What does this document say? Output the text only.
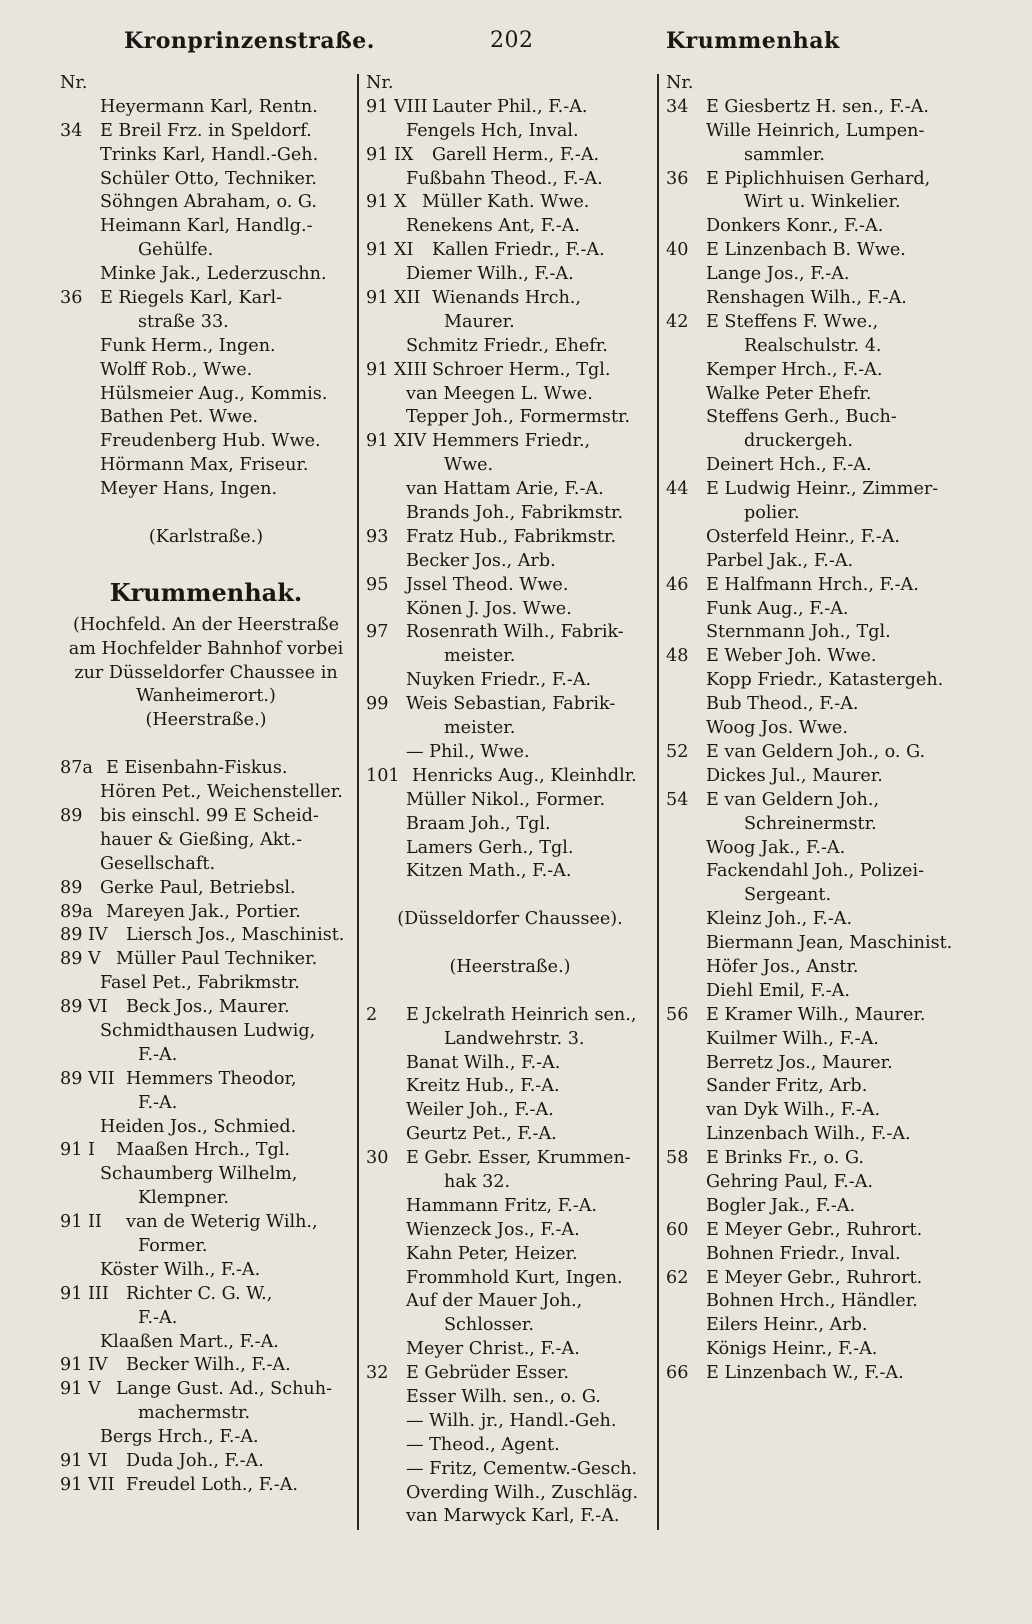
Kronprinzenstraße.	202	Krummenhak
Nr.
Heyermann Karl, Rentn.
34 E Breil Frz. in Speldorf.
Trinks Karl, Handl.-Geh.
Schüler Otto, Techniker.
Söhngen Abraham, o. G.
Heimann Karl, Handlg.-
Gehülfe.
Minke Jak., Lederzuschn.
36 E Riegels Karl, Karl-
straße 33.
Funk Herm., Ingen.
Wolff Rob., Wwe.
Hülsmeier Aug., Kommis.
Bathen Pet. Wwe.
Freudenberg Hub. Wwe.
Hörmann Max, Friseur.
Meyer Hans, Ingen.
(Karlstraße.)
Krummenhak.
(Hochfeld. An der Heerstraße
am Hochfelder Bahnhof vorbei
zur Düsseldorfer Chaussee in
Wanheimerort.)
(Heerstraße.)
87a E Eisenbahn-Fiskus.
Hören Pet., Weichensteller.
89 bis einschl. 99 E Scheid-
hauer & Gießing, Akt.-
Gesellschaft.
89 Gerke Paul, Betriebsl.
89a Mareyen Jak., Portier.
89 IV Liersch Jos., Maschinist.
89 V Müller Paul Techniker.
Fasel Pet., Fabrikmstr.
89 VI Beck Jos., Maurer.
Schmidthausen Ludwig,
F.-A.
89 VII Hemmers Theodor,
F.-A.
Heiden Jos., Schmied.
91 I Maaßen Hrch., Tgl.
Schaumberg Wilhelm,
Klempner.
91 II van de Weterig Wilh.,
Former.
Köster Wilh., F.-A.
91 III Richter C. G. W.,
F.-A.
Klaaßen Mart., F.-A.
91 IV Becker Wilh., F.-A.
91 V Lange Gust. Ad., Schuh-
machermstr.
Bergs Hrch., F.-A.
91 VI Duda Joh., F.-A.
91 VII Freudel Loth., F.-A.
Nr.
91 VIII Lauter Phil., F.-A.
Fengels Hch, Inval.
91 IX Garell Herm., F.-A.
Fußbahn Theod., F.-A.
91 X Müller Kath. Wwe.
Renekens Ant, F.-A.
91 XI Kallen Friedr., F.-A.
Diemer Wilh., F.-A.
91 XII Wienands Hrch.,
Maurer.
Schmitz Friedr., Ehefr.
91 XIII Schroer Herm., Tgl.
van Meegen L. Wwe.
Tepper Joh., Formermstr.
91 XIV Hemmers Friedr.,
Wwe.
van Hattam Arie, F.-A.
Brands Joh., Fabrikmstr.
93 Fratz Hub., Fabrikmstr.
Becker Jos., Arb.
95 Jssel Theod. Wwe.
Könen J. Jos. Wwe.
97 Rosenrath Wilh., Fabrik-
meister.
Nuyken Friedr., F.-A.
99 Weis Sebastian, Fabrik-
meister.
— Phil., Wwe.
101 Henricks Aug., Kleinhdlr.
Müller Nikol., Former.
Braam Joh., Tgl.
Lamers Gerh., Tgl.
Kitzen Math., F.-A.
(Düsseldorfer Chaussee).
(Heerstraße.)
2 E Jckelrath Heinrich sen.,
Landwehrstr. 3.
Banat Wilh., F.-A.
Kreitz Hub., F.-A.
Weiler Joh., F.-A.
Geurtz Pet., F.-A.
30 E Gebr. Esser, Krummen-
hak 32.
Hammann Fritz, F.-A.
Wienzeck Jos., F.-A.
Kahn Peter, Heizer.
Frommhold Kurt, Ingen.
Auf der Mauer Joh.,
Schlosser.
Meyer Christ., F.-A.
32 E Gebrüder Esser.
Esser Wilh. sen., o. G.
— Wilh. jr., Handl.-Geh.
— Theod., Agent.
— Fritz, Cementw.-Gesch.
Overding Wilh., Zuschläg.
van Marwyck Karl, F.-A.
Nr.
34 E Giesbertz H. sen., F.-A.
Wille Heinrich, Lumpen-
sammler.
36 E Piplichhuisen Gerhard,
Wirt u. Winkelier.
Donkers Konr., F.-A.
40 E Linzenbach B. Wwe.
Lange Jos., F.-A.
Renshagen Wilh., F.-A.
42 E Steffens F. Wwe.,
Realschulstr. 4.
Kemper Hrch., F.-A.
Walke Peter Ehefr.
Steffens Gerh., Buch-
druckergeh.
Deinert Hch., F.-A.
44 E Ludwig Heinr., Zimmer-
polier.
Osterfeld Heinr., F.-A.
Parbel Jak., F.-A.
46 E Halfmann Hrch., F.-A.
Funk Aug., F.-A.
Sternmann Joh., Tgl.
48 E Weber Joh. Wwe.
Kopp Friedr., Katastergeh.
Bub Theod., F.-A.
Woog Jos. Wwe.
52 E van Geldern Joh., o. G.
Dickes Jul., Maurer.
54 E van Geldern Joh.,
Schreinermstr.
Woog Jak., F.-A.
Fackendahl Joh., Polizei-
Sergeant.
Kleinz Joh., F.-A.
Biermann Jean, Maschinist.
Höfer Jos., Anstr.
Diehl Emil, F.-A.
56 E Kramer Wilh., Maurer.
Kuilmer Wilh., F.-A.
Berretz Jos., Maurer.
Sander Fritz, Arb.
van Dyk Wilh., F.-A.
Linzenbach Wilh., F.-A.
58 E Brinks Fr., o. G.
Gehring Paul, F.-A.
Bogler Jak., F.-A.
60 E Meyer Gebr., Ruhrort.
Bohnen Friedr., Inval.
62 E Meyer Gebr., Ruhrort.
Bohnen Hrch., Händler.
Eilers Heinr., Arb.
Königs Heinr., F.-A.
66 E Linzenbach W., F.-A.
